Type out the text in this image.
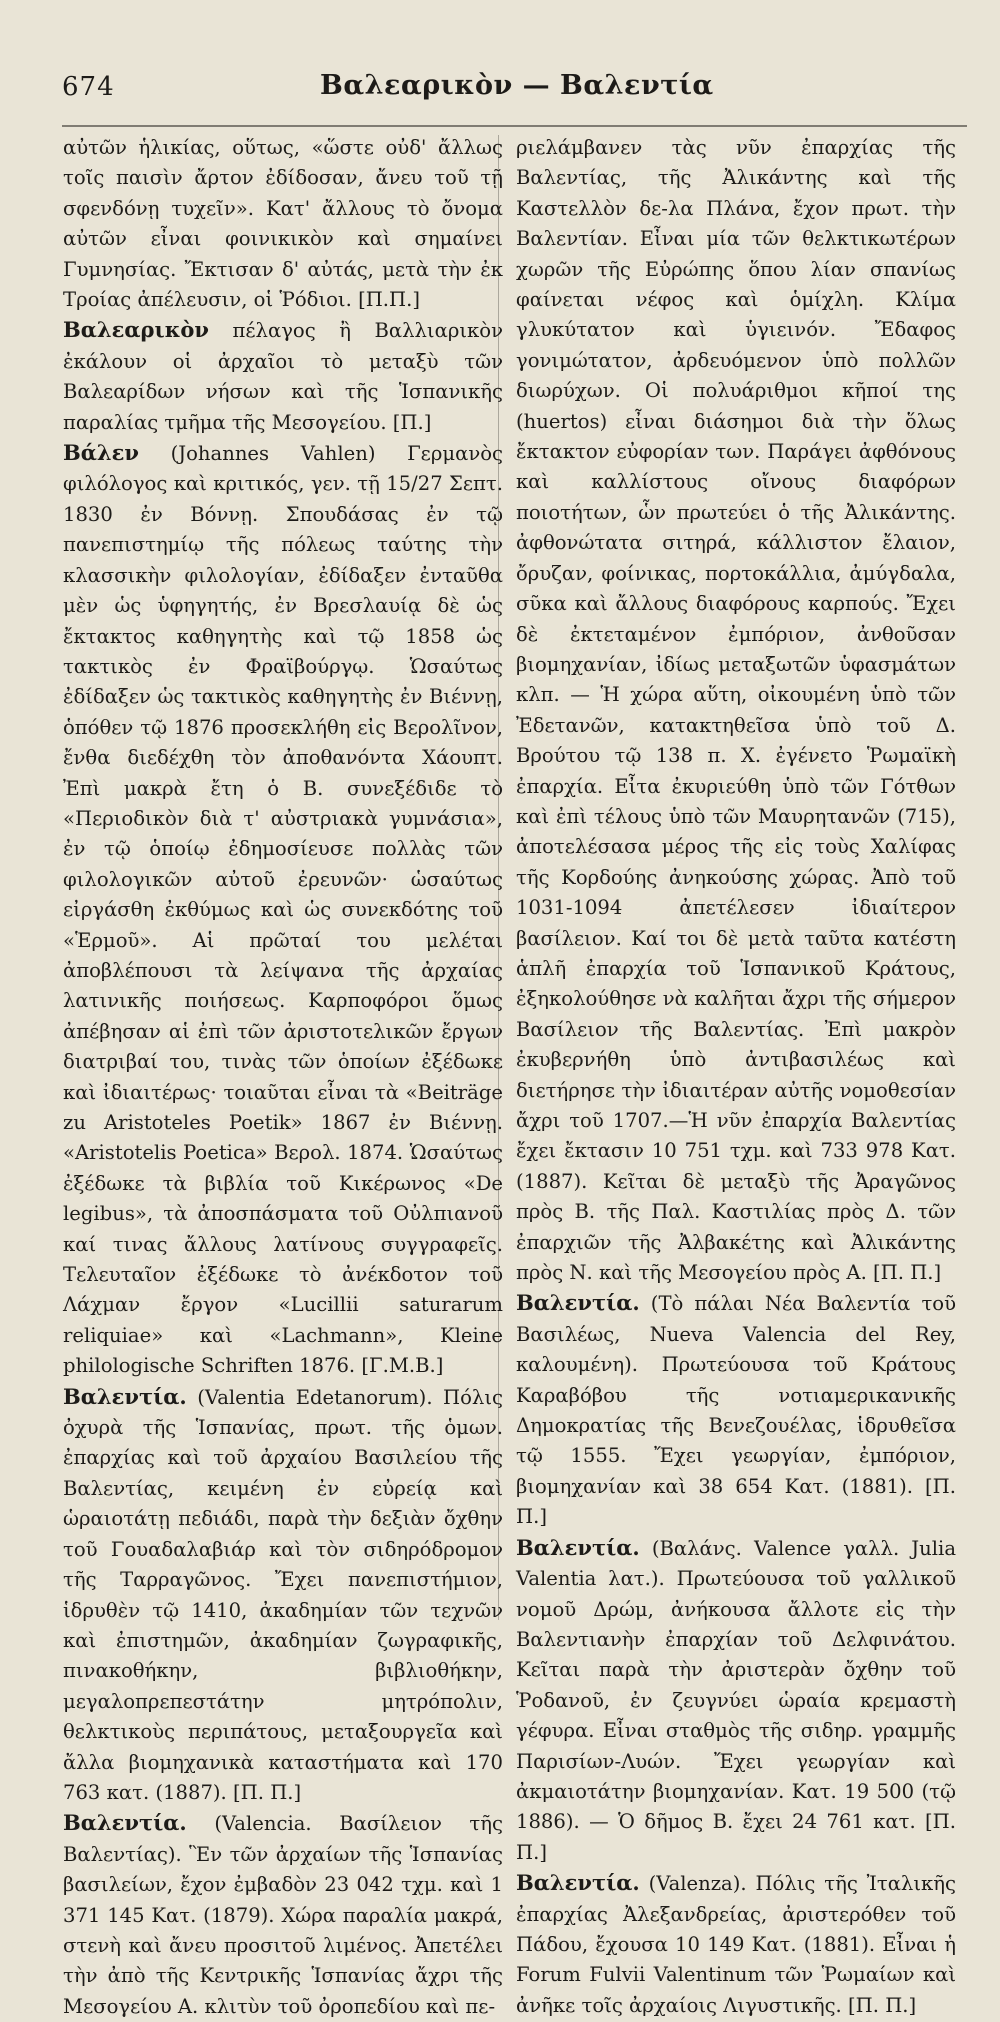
674	Βαλεαρικὸν — Βαλεντία

αὐτῶν ἡλικίας, οὕτως, «ὥστε οὐδ' ἄλλως τοῖς παισὶν ἄρτον ἐδίδοσαν, ἄνευ τοῦ τῇ σφενδόνῃ τυχεῖν». Κατ' ἄλλους τὸ ὄνομα αὐτῶν εἶναι φοινικικὸν καὶ σημαίνει Γυμνησίας. Ἔκτισαν δ' αὐτάς, μετὰ τὴν ἐκ Τροίας ἀπέλευσιν, οἱ Ῥόδιοι. [Π.Π.]

Βαλεαρικὸν πέλαγος ἢ Βαλλιαρικὸν ἐκάλουν οἱ ἀρχαῖοι τὸ μεταξὺ τῶν Βαλεαρίδων νήσων καὶ τῆς Ἱσπανικῆς παραλίας τμῆμα τῆς Μεσογείου. [Π.]

Βάλεν (Johannes Vahlen) Γερμανὸς φιλόλογος καὶ κριτικός, γεν. τῇ 15/27 Σεπτ. 1830 ἐν Βόννῃ. Σπουδάσας ἐν τῷ πανεπιστημίῳ τῆς πόλεως ταύτης τὴν κλασσικὴν φιλολογίαν, ἐδίδαξεν ἐνταῦθα μὲν ὡς ὑφηγητής, ἐν Βρεσλαυίᾳ δὲ ὡς ἔκτακτος καθηγητὴς καὶ τῷ 1858 ὡς τακτικὸς ἐν Φραϊβούργῳ. Ὡσαύτως ἐδίδαξεν ὡς τακτικὸς καθηγητὴς ἐν Βιέννῃ, ὁπόθεν τῷ 1876 προσεκλήθη εἰς Βερολῖνον, ἔνθα διεδέχθη τὸν ἀποθανόντα Χάουπτ. Ἐπὶ μακρὰ ἔτη ὁ Β. συνεξέδιδε τὸ «Περιοδικὸν διὰ τ' αὐστριακὰ γυμνάσια», ἐν τῷ ὁποίῳ ἐδημοσίευσε πολλὰς τῶν φιλολογικῶν αὐτοῦ ἐρευνῶν· ὡσαύτως εἰργάσθη ἐκθύμως καὶ ὡς συνεκδότης τοῦ «Ἑρμοῦ». Αἱ πρῶταί του μελέται ἀποβλέπουσι τὰ λείψανα τῆς ἀρχαίας λατινικῆς ποιήσεως. Καρποφόροι ὅμως ἀπέβησαν αἱ ἐπὶ τῶν ἀριστοτελικῶν ἔργων διατριβαί του, τινὰς τῶν ὁποίων ἐξέδωκε καὶ ἰδιαιτέρως· τοιαῦται εἶναι τὰ «Beiträge zu Aristoteles Poetik» 1867 ἐν Βιέννῃ. «Aristotelis Poetica» Βερολ. 1874. Ὡσαύτως ἐξέδωκε τὰ βιβλία τοῦ Κικέρωνος «De legibus», τὰ ἀποσπάσματα τοῦ Οὐλπιανοῦ καί τινας ἄλλους λατίνους συγγραφεῖς. Τελευταῖον ἐξέδωκε τὸ ἀνέκδοτον τοῦ Λάχμαν ἔργον «Lucillii saturarum reliquiae» καὶ «Lachmann», Kleine philologische Schriften 1876. [Γ.Μ.Β.]

Βαλεντία. (Valentia Edetanorum). Πόλις ὀχυρὰ τῆς Ἱσπανίας, πρωτ. τῆς ὁμων. ἐπαρχίας καὶ τοῦ ἀρχαίου Βασιλείου τῆς Βαλεντίας, κειμένη ἐν εὐρείᾳ καὶ ὡραιοτάτῃ πεδιάδι, παρὰ τὴν δεξιὰν ὄχθην τοῦ Γουαδαλαβιάρ καὶ τὸν σιδηρόδρομον τῆς Ταρραγῶνος. Ἔχει πανεπιστήμιον, ἱδρυθὲν τῷ 1410, ἀκαδημίαν τῶν τεχνῶν καὶ ἐπιστημῶν, ἀκαδημίαν ζωγραφικῆς, πινακοθήκην, βιβλιοθήκην, μεγαλοπρεπεστάτην μητρόπολιν, θελκτικοὺς περιπάτους, μεταξουργεῖα καὶ ἄλλα βιομηχανικὰ καταστήματα καὶ 170 763 κατ. (1887). [Π. Π.]

Βαλεντία. (Valencia. Βασίλειον τῆς Βαλεντίας). Ἓν τῶν ἀρχαίων τῆς Ἱσπανίας βασιλείων, ἔχον ἐμβαδὸν 23 042 τχμ. καὶ 1 371 145 Κατ. (1879). Χώρα παραλία μακρά, στενὴ καὶ ἄνευ προσιτοῦ λιμένος. Ἀπετέλει τὴν ἀπὸ τῆς Κεντρικῆς Ἱσπανίας ἄχρι τῆς Μεσογείου Α. κλιτὺν τοῦ ὀροπεδίου καὶ πε-

ριελάμβανεν τὰς νῦν ἐπαρχίας τῆς Βαλεντίας, τῆς Ἀλικάντης καὶ τῆς Καστελλὸν δε-λα Πλάνα, ἔχον πρωτ. τὴν Βαλεντίαν. Εἶναι μία τῶν θελκτικωτέρων χωρῶν τῆς Εὐρώπης ὅπου λίαν σπανίως φαίνεται νέφος καὶ ὁμίχλη. Κλίμα γλυκύτατον καὶ ὑγιεινόν. Ἔδαφος γονιμώτατον, ἀρδευόμενον ὑπὸ πολλῶν διωρύχων. Οἱ πολυάριθμοι κῆποί της (huertos) εἶναι διάσημοι διὰ τὴν ὅλως ἔκτακτον εὐφορίαν των. Παράγει ἀφθόνους καὶ καλλίστους οἴνους διαφόρων ποιοτήτων, ὧν πρωτεύει ὁ τῆς Ἀλικάντης. ἀφθονώτατα σιτηρά, κάλλιστον ἔλαιον, ὄρυζαν, φοίνικας, πορτοκάλλια, ἀμύγδαλα, σῦκα καὶ ἄλλους διαφόρους καρπούς. Ἔχει δὲ ἐκτεταμένον ἐμπόριον, ἀνθοῦσαν βιομηχανίαν, ἰδίως μεταξωτῶν ὑφασμάτων κλπ. — Ἡ χώρα αὕτη, οἰκουμένη ὑπὸ τῶν Ἐδετανῶν, κατακτηθεῖσα ὑπὸ τοῦ Δ. Βρούτου τῷ 138 π. Χ. ἐγένετο Ῥωμαϊκὴ ἐπαρχία. Εἶτα ἐκυριεύθη ὑπὸ τῶν Γότθων καὶ ἐπὶ τέλους ὑπὸ τῶν Μαυρητανῶν (715), ἀποτελέσασα μέρος τῆς εἰς τοὺς Χαλίφας τῆς Κορδούης ἀνηκούσης χώρας. Ἀπὸ τοῦ 1031-1094 ἀπετέλεσεν ἰδιαίτερον βασίλειον. Καί τοι δὲ μετὰ ταῦτα κατέστη ἁπλῆ ἐπαρχία τοῦ Ἱσπανικοῦ Κράτους, ἐξηκολούθησε νὰ καλῆται ἄχρι τῆς σήμερον Βασίλειον τῆς Βαλεντίας. Ἐπὶ μακρὸν ἐκυβερνήθη ὑπὸ ἀντιβασιλέως καὶ διετήρησε τὴν ἰδιαιτέραν αὐτῆς νομοθεσίαν ἄχρι τοῦ 1707.—Ἡ νῦν ἐπαρχία Βαλεντίας ἔχει ἔκτασιν 10 751 τχμ. καὶ 733 978 Κατ. (1887). Κεῖται δὲ μεταξὺ τῆς Ἀραγῶνος πρὸς Β. τῆς Παλ. Καστιλίας πρὸς Δ. τῶν ἐπαρχιῶν τῆς Ἀλβακέτης καὶ Ἀλικάντης πρὸς Ν. καὶ τῆς Μεσογείου πρὸς Α. [Π. Π.]

Βαλεντία. (Τὸ πάλαι Νέα Βαλεντία τοῦ Βασιλέως, Nueva Valencia del Rey, καλουμένη). Πρωτεύουσα τοῦ Κράτους Καραβόβου τῆς νοτιαμερικανικῆς Δημοκρατίας τῆς Βενεζουέλας, ἱδρυθεῖσα τῷ 1555. Ἔχει γεωργίαν, ἐμπόριον, βιομηχανίαν καὶ 38 654 Κατ. (1881). [Π. Π.]

Βαλεντία. (Βαλάνς. Valence γαλλ. Julia Valentia λατ.). Πρωτεύουσα τοῦ γαλλικοῦ νομοῦ Δρώμ, ἀνήκουσα ἄλλοτε εἰς τὴν Βαλεντιανὴν ἐπαρχίαν τοῦ Δελφινάτου. Κεῖται παρὰ τὴν ἀριστερὰν ὄχθην τοῦ Ῥοδανοῦ, ἐν ζευγνύει ὡραία κρεμαστὴ γέφυρα. Εἶναι σταθμὸς τῆς σιδηρ. γραμμῆς Παρισίων-Λυών. Ἔχει γεωργίαν καὶ ἀκμαιοτάτην βιομηχανίαν. Κατ. 19 500 (τῷ 1886). — Ὁ δῆμος Β. ἔχει 24 761 κατ. [Π. Π.]

Βαλεντία. (Valenza). Πόλις τῆς Ἰταλικῆς ἐπαρχίας Ἀλεξανδρείας, ἀριστερόθεν τοῦ Πάδου, ἔχουσα 10 149 Κατ. (1881). Εἶναι ἡ Forum Fulvii Valentinum τῶν Ῥωμαίων καὶ ἀνῆκε τοῖς ἀρχαίοις Λιγυστικῆς. [Π. Π.]
